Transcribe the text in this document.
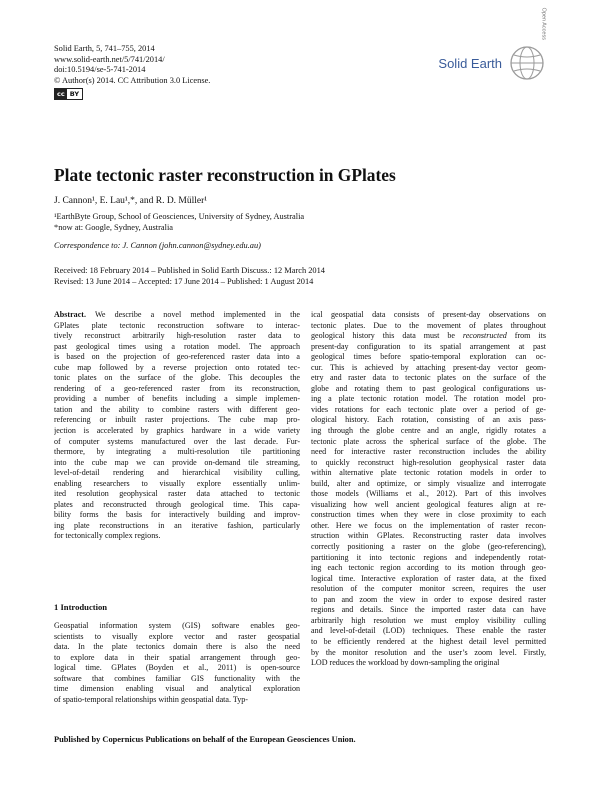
Solid Earth, 5, 741–755, 2014
www.solid-earth.net/5/741/2014/
doi:10.5194/se-5-741-2014
© Author(s) 2014. CC Attribution 3.0 License.
cc BY
Solid Earth
Open Access
Plate tectonic raster reconstruction in GPlates
J. Cannon¹, E. Lau¹,*, and R. D. Müller¹
¹EarthByte Group, School of Geosciences, University of Sydney, Australia
*now at: Google, Sydney, Australia
Correspondence to: J. Cannon (john.cannon@sydney.edu.au)
Received: 18 February 2014 – Published in Solid Earth Discuss.: 12 March 2014
Revised: 13 June 2014 – Accepted: 17 June 2014 – Published: 1 August 2014
Abstract. We describe a novel method implemented in the
GPlates plate tectonic reconstruction software to interac-
tively reconstruct arbitrarily high-resolution raster data to
past geological times using a rotation model. The approach
is based on the projection of geo-referenced raster data into a
cube map followed by a reverse projection onto rotated tec-
tonic plates on the surface of the globe. This decouples the
rendering of a geo-referenced raster from its reconstruction,
providing a number of benefits including a simple implemen-
tation and the ability to combine rasters with different geo-
referencing or inbuilt raster projections. The cube map pro-
jection is accelerated by graphics hardware in a wide variety
of computer systems manufactured over the last decade. Fur-
thermore, by integrating a multi-resolution tile partitioning
into the cube map we can provide on-demand tile streaming,
level-of-detail rendering and hierarchical visibility culling,
enabling researchers to visually explore essentially unlim-
ited resolution geophysical raster data attached to tectonic
plates and reconstructed through geological time. This capa-
bility forms the basis for interactively building and improv-
ing plate reconstructions in an iterative fashion, particularly
for tectonically complex regions.
1 Introduction
Geospatial information system (GIS) software enables geo-
scientists to visually explore vector and raster geospatial
data. In the plate tectonics domain there is also the need
to explore data in their spatial arrangement through geo-
logical time. GPlates (Boyden et al., 2011) is open-source
software that combines familiar GIS functionality with the
time dimension enabling visual and analytical exploration
of spatio-temporal relationships within geospatial data. Typ-
ical geospatial data consists of present-day observations on
tectonic plates. Due to the movement of plates throughout
geological history this data must be reconstructed from its
present-day configuration to its spatial arrangement at past
geological times before spatio-temporal exploration can oc-
cur. This is achieved by attaching present-day vector geom-
etry and raster data to tectonic plates on the surface of the
globe and rotating them to past geological configurations us-
ing a plate tectonic rotation model. The rotation model pro-
vides rotations for each tectonic plate over a period of ge-
ological history. Each rotation, consisting of an axis pass-
ing through the globe centre and an angle, rigidly rotates a
tectonic plate across the spherical surface of the globe. The
need for interactive raster reconstruction includes the ability
to quickly reconstruct high-resolution geophysical raster data
within alternative plate tectonic rotation models in order to
build, alter and optimize, or simply visualize and interrogate
those models (Williams et al., 2012). Part of this involves
visualizing how well ancient geological features align at re-
construction times when they were in close proximity to each
other. Here we focus on the implementation of raster recon-
struction within GPlates. Reconstructing raster data involves
correctly positioning a raster on the globe (geo-referencing),
partitioning it into tectonic regions and independently rotat-
ing each tectonic region according to its motion through geo-
logical time. Interactive exploration of raster data, at the fixed
resolution of the computer monitor screen, requires the user
to pan and zoom the view in order to expose desired raster
regions and details. Since the imported raster data can have
arbitrarily high resolution we must employ visibility culling
and level-of-detail (LOD) techniques. These enable the raster
to be efficiently rendered at the highest detail level permitted
by the monitor resolution and the user’s zoom level. Firstly,
LOD reduces the workload by down-sampling the original
Published by Copernicus Publications on behalf of the European Geosciences Union.
